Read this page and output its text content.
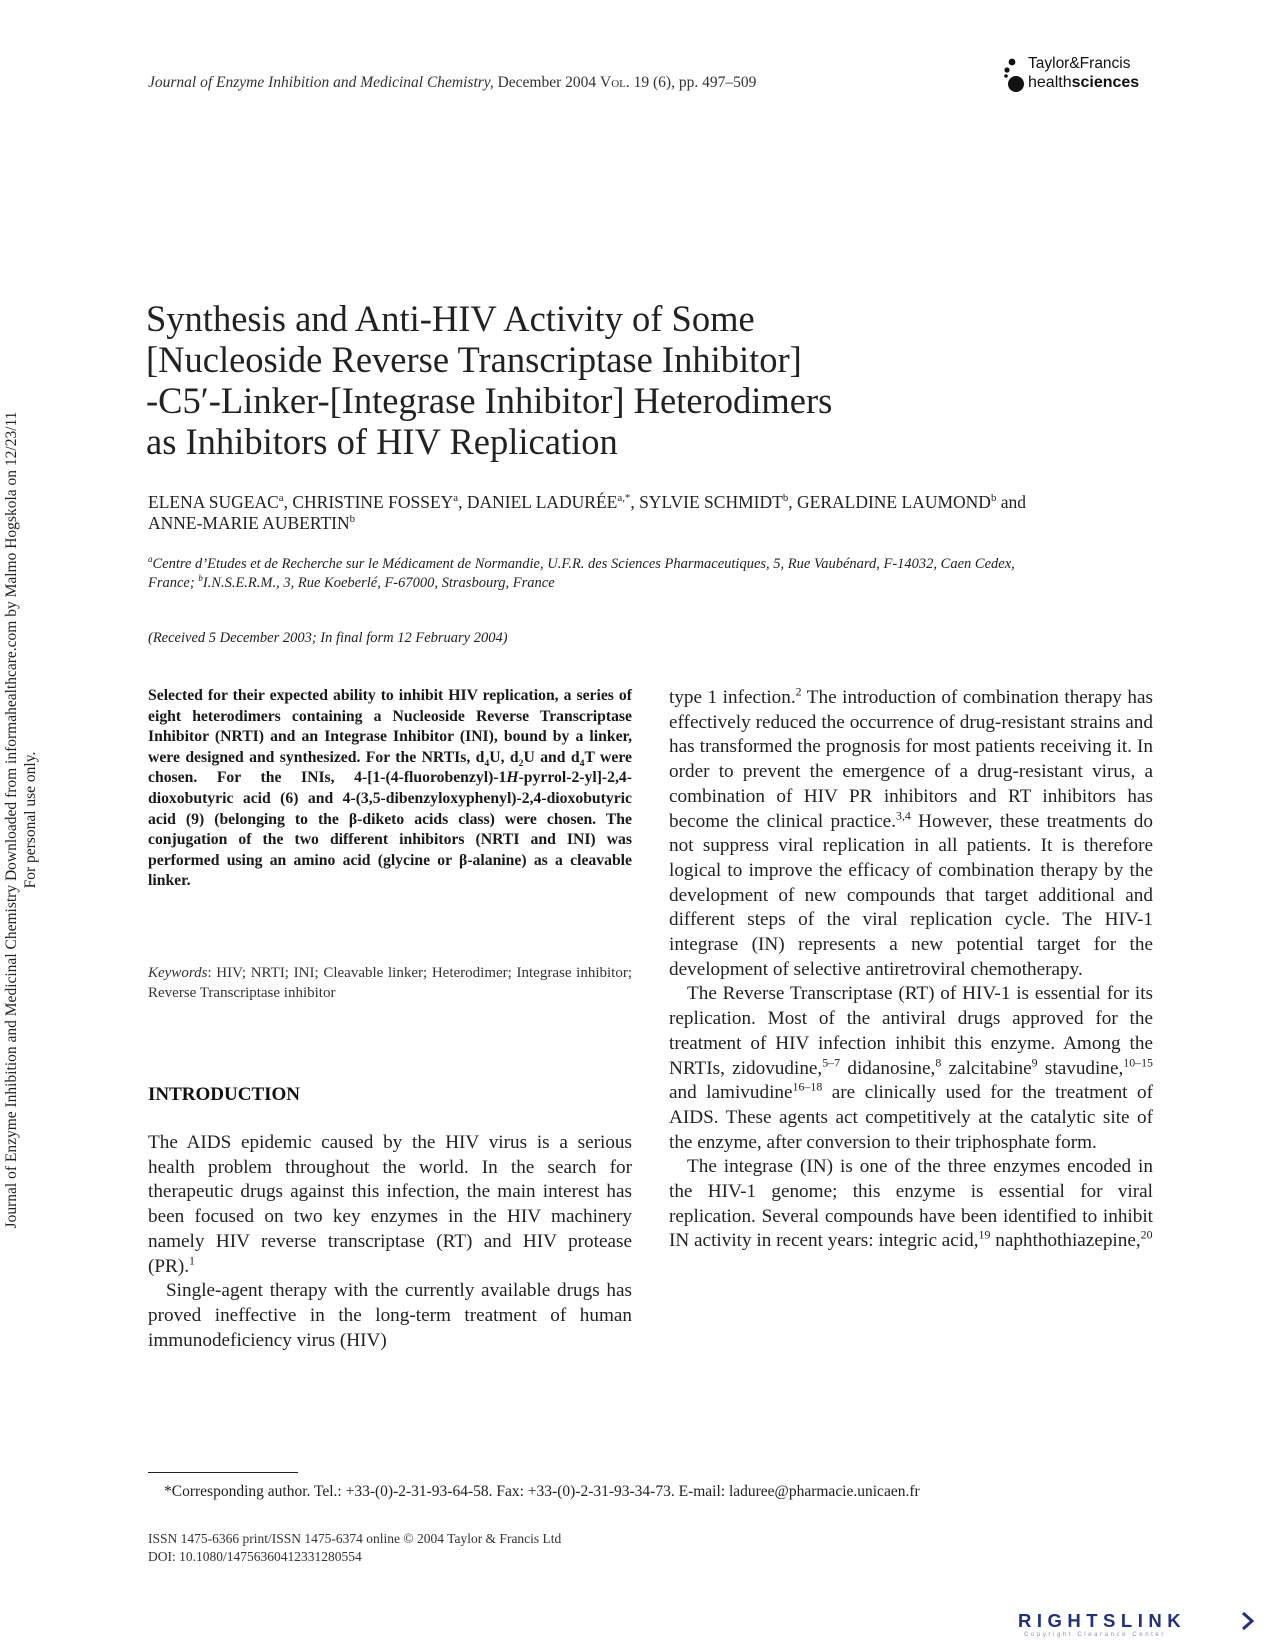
Journal of Enzyme Inhibition and Medicinal Chemistry Downloaded from informahealthcare.com by Malmo Hogskola on 12/23/11 For personal use only.
Journal of Enzyme Inhibition and Medicinal Chemistry, December 2004 Vol. 19 (6), pp. 497–509
Taylor&Francis
healthsciences
Synthesis and Anti-HIV Activity of Some
[Nucleoside Reverse Transcriptase Inhibitor]
-C5′-Linker-[Integrase Inhibitor] Heterodimers
as Inhibitors of HIV Replication
ELENA SUGEAC$^a$, CHRISTINE FOSSEY$^a$, DANIEL $LADURÉE^{a,*}$, SYLVIE SCHMIDT$^b$, GERALDINE LAUMOND$^b$ and
ANNE-MARIE AUBERTIN$^b$
$^a$Centre d’Etudes et de Recherche sur le Médicament de Normandie, U.F.R. des Sciences Pharmaceutiques, 5, Rue Vaubénard, F-14032, Caen Cedex,
France; $^b$I.N.S.E.R.M., 3, Rue Koeberlé, F-67000, Strasbourg, France
(Received 5 December 2003; In final form 12 February 2004)
Selected for their expected ability to inhibit HIV replication, a series of eight heterodimers containing a Nucleoside Reverse Transcriptase Inhibitor (NRTI) and an Integrase Inhibitor (INI), bound by a linker, were designed and synthesized. For the NRTIs, $d_4U$, $d_2U$ and $d_4T$ were chosen. For the INIs, 4-[1-(4-fluorobenzyl)-1H-pyrrol-2-yl]-2,4-dioxobutyric acid (6) and 4-(3,5-dibenzyloxyphenyl)-2,4-dioxobutyric acid (9) (belonging to the β-diketo acids class) were chosen. The conjugation of the two different inhibitors (NRTI and INI) was performed using an amino acid (glycine or β-alanine) as a cleavable linker.
Keywords: HIV; NRTI; INI; Cleavable linker; Heterodimer; Integrase inhibitor; Reverse Transcriptase inhibitor
INTRODUCTION

The AIDS epidemic caused by the HIV virus is a serious health problem throughout the world. In the search for therapeutic drugs against this infection, the main interest has been focused on two key enzymes in the HIV machinery namely HIV reverse transcriptase (RT) and HIV protease (PR).$^1$

Single-agent therapy with the currently available drugs has proved ineffective in the long-term treatment of human immunodeficiency virus (HIV)

type 1 infection.$^2$ The introduction of combination therapy has effectively reduced the occurrence of drug-resistant strains and has transformed the prognosis for most patients receiving it. In order to prevent the emergence of a drug-resistant virus, a combination of HIV PR inhibitors and RT inhibitors has become the clinical practice.$^{3,4}$ However, these treatments do not suppress viral replication in all patients. It is therefore logical to improve the efficacy of combination therapy by the development of new compounds that target additional and different steps of the viral replication cycle. The HIV-1 integrase (IN) represents a new potential target for the development of selective antiretroviral chemotherapy.

The Reverse Transcriptase (RT) of HIV-1 is essential for its replication. Most of the antiviral drugs approved for the treatment of HIV infection inhibit this enzyme. Among the NRTIs, zidovudine,$^{5-7}$ didanosine,$^8$ zalcitabine$^9$ stavudine,$^{10-15}$ and lamivudine$^{16-18}$ are clinically used for the treatment of AIDS. These agents act competitively at the catalytic site of the enzyme, after conversion to their triphosphate form.

The integrase (IN) is one of the three enzymes encoded in the HIV-1 genome; this enzyme is essential for viral replication. Several compounds have been identified to inhibit IN activity in recent years: integric acid,$^{19}$ naphthothiazepine,$^{20}$

*Corresponding author. Tel.: +33-(0)-2-31-93-64-58. Fax: +33-(0)-2-31-93-34-73. E-mail: laduree@pharmacie.unicaen.fr
ISSN 1475-6366 print/ISSN 1475-6374 online © 2004 Taylor & Francis Ltd
DOI: 10.1080/14756360412331280554
RIGHTSLINK
Copyright Clearance Center
